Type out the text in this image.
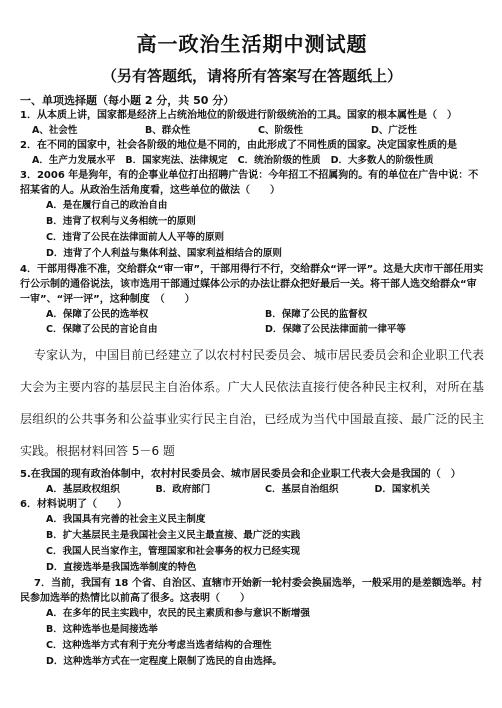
高一政治生活期中测试题
（另有答题纸，请将所有答案写在答题纸上）
一、单项选择题（每小题 2 分，共 50 分）
1．从本质上讲，国家都是经济上占统治地位的阶级进行阶级统治的工具。国家的根本属性是（　）
A、社会性	B、群众性	C、阶级性	D、广泛性
2．在不同的国家中，社会各阶级的地位是不同的，由此形成了不同性质的国家。决定国家性质的是
A．生产力发展水平 B．国家宪法、法律规定 C．统治阶级的性质 D．大多数人的阶级性质
3．2006 年是狗年，有的企事业单位打出招聘广告说：今年招工不招属狗的。有的单位在广告中说：不招某省的人。从政治生活角度看，这些单位的做法（　　）
A．是在履行自己的政治自由
B．违背了权利与义务相统一的原则
C．违背了公民在法律面前人人平等的原则
D．违背了个人利益与集体利益、国家利益相结合的原则
4．干部用得准不准，交给群众“审一审”，干部用得行不行，交给群众“评一评”。这是大庆市干部任用实行公示制的通俗说法，该市选用干部通过媒体公示的办法让群众把好最后一关。将干部人选交给群众“审一审”、“评一评”，这种制度　（　　）
A．保障了公民的选举权	B．保障了公民的监督权
C．保障了公民的言论自由	D．保障了公民法律面前一律平等
专家认为，中国目前已经建立了以农村村民委员会、城市居民委员会和企业职工代表大会为主要内容的基层民主自治体系。广大人民依法直接行使各种民主权利，对所在基层组织的公共事务和公益事业实行民主自治，已经成为当代中国最直接、最广泛的民主实践。根据材料回答 5－6 题
5.在我国的现有政治体制中，农村村民委员会、城市居民委员会和企业职工代表大会是我国的（　）
A．基层政权组织	B．政府部门	C．基层自治组织	D．国家机关
6．材料说明了（　　）
A．我国具有完善的社会主义民主制度
B．扩大基层民主是我国社会主义民主最直接、最广泛的实践
C．我国人民当家作主，管理国家和社会事务的权力已经实现
D．直接选举是我国选举制度的特色
7．当前，我国有 18 个省、自治区、直辖市开始新一轮村委会换届选举，一般采用的是差额选举。村民参加选举的热情比以前高了很多。这表明（　　）
A．在多年的民主实践中，农民的民主素质和参与意识不断增强
B．这种选举也是间接选举
C．这种选举方式有利于充分考虑当选者结构的合理性
D．这种选举方式在一定程度上限制了选民的自由选择。
